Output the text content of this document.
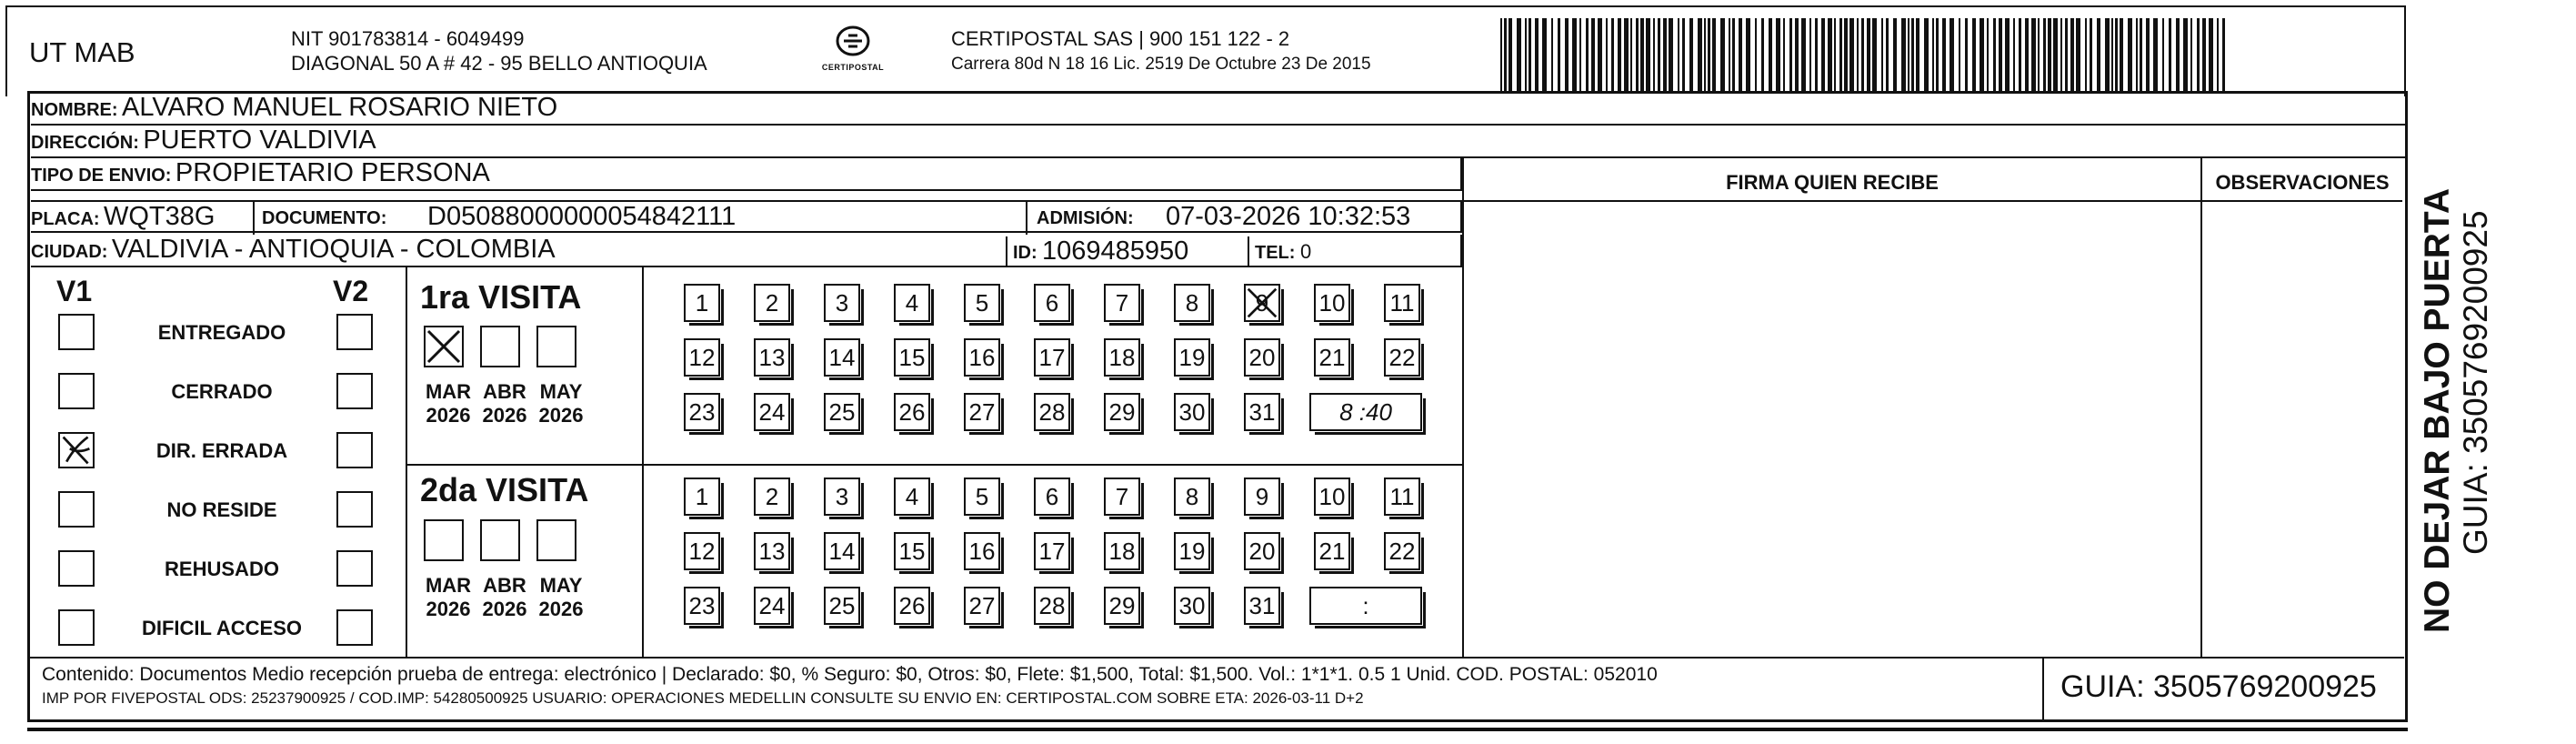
UT MAB	NIT 901783814 - 6049499
DIAGONAL 50 A # 42 - 95 BELLO ANTIOQUIA	CERTIPOSTAL
CERTIPOSTAL SAS | 900 151 122 - 2
Carrera 80d N 18 16 Lic. 2519 De Octubre 23 De 2015
NOMBRE: ALVARO MANUEL ROSARIO NIETO
DIRECCIÓN: PUERTO VALDIVIA
TIPO DE ENVIO: PROPIETARIO PERSONA
PLACA: WQT38G	DOCUMENTO: D05088000000054842111	ADMISIÓN: 07-03-2026 10:32:53
CIUDAD: VALDIVIA - ANTIOQUIA - COLOMBIA	ID: 1069485950	TEL: 0
FIRMA QUIEN RECIBE	OBSERVACIONES
V1	V2
ENTREGADO
CERRADO
DIR. ERRADA
NO RESIDE
REHUSADO
DIFICIL ACCESO
1ra VISITA
2da VISITA
MAR
2026
ABR
2026
MAY
2026
1 2 3 4 5 6 7 8 9 10 11
12 13 14 15 16 17 18 19 20 21 22
23 24 25 26 27 28 29 30 31	8 :40
MAR
2026
ABR
2026
MAY
2026
1 2 3 4 5 6 7 8 9 10 11
12 13 14 15 16 17 18 19 20 21 22
23 24 25 26 27 28 29 30 31	:
Contenido: Documentos Medio recepción prueba de entrega: electrónico | Declarado: $0, % Seguro: $0, Otros: $0, Flete: $1,500, Total: $1,500. Vol.: 1*1*1. 0.5 1 Unid. COD. POSTAL: 052010
IMP POR FIVEPOSTAL ODS: 25237900925 / COD.IMP: 54280500925 USUARIO: OPERACIONES MEDELLIN CONSULTE SU ENVIO EN: CERTIPOSTAL.COM SOBRE ETA: 2026-03-11 D+2	GUIA: 3505769200925
NO DEJAR BAJO PUERTA GUIA: 3505769200925
